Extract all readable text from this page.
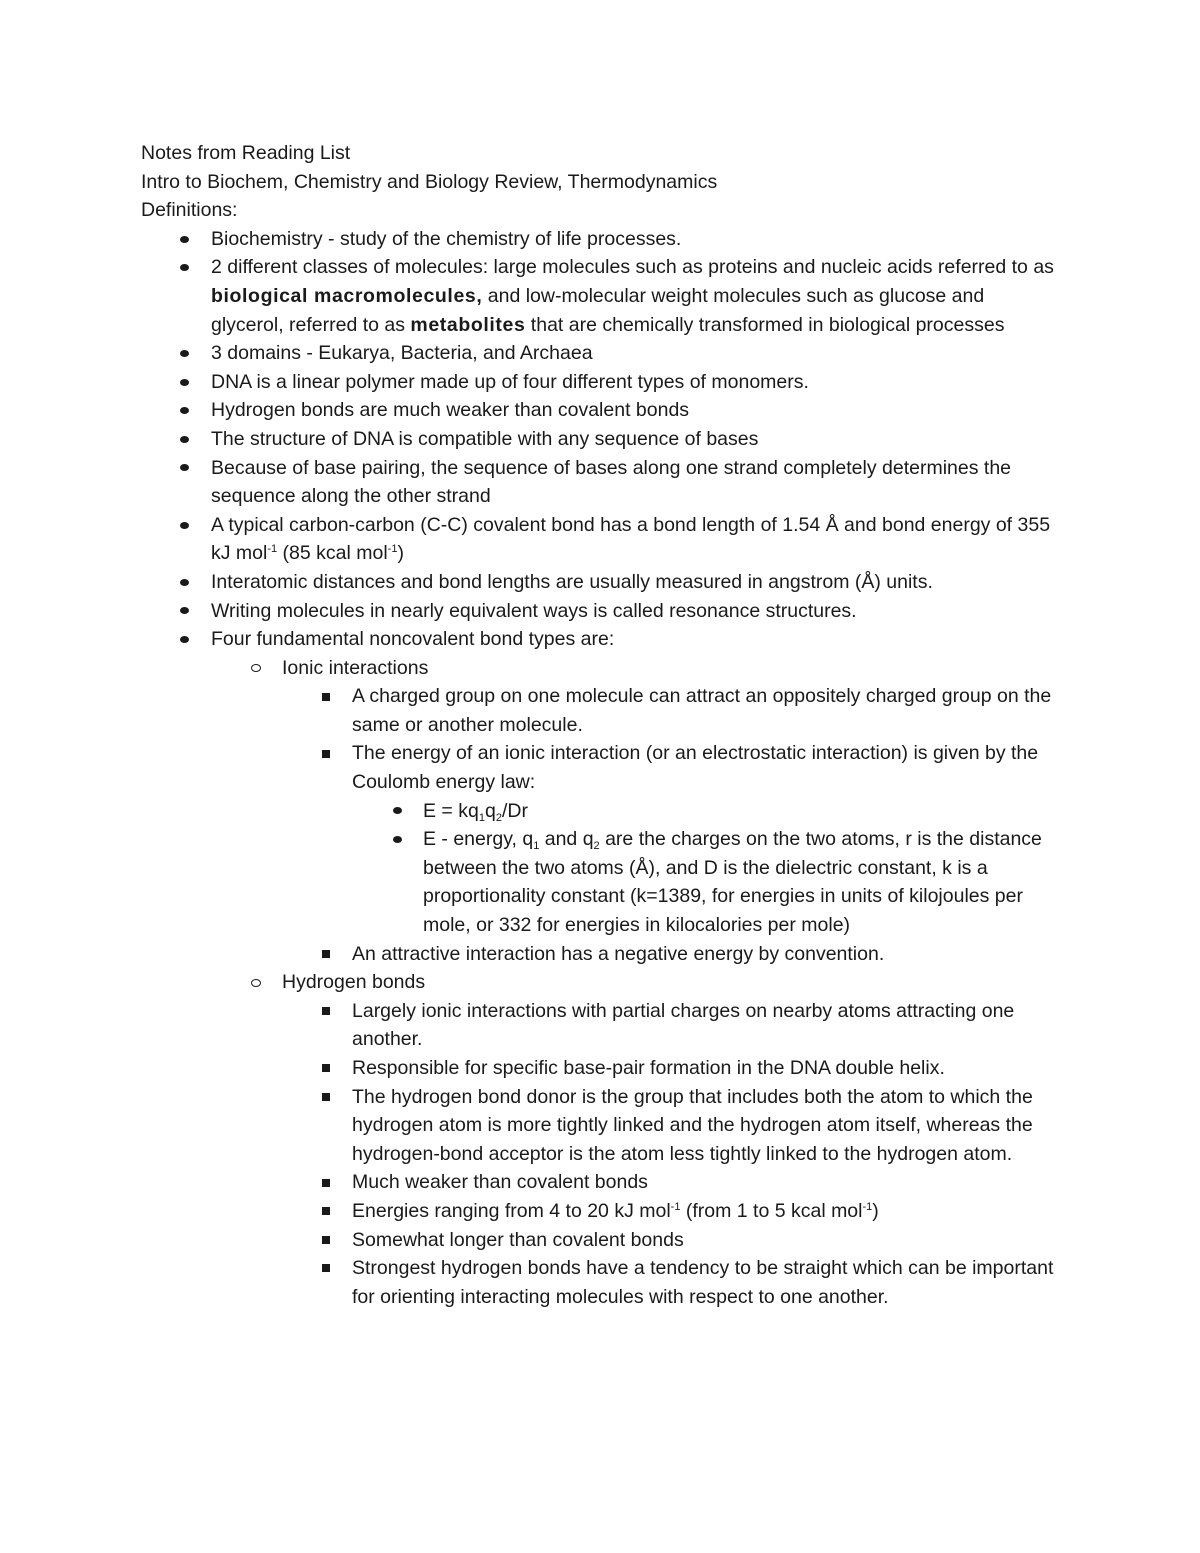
Notes from Reading List

Intro to Biochem, Chemistry and Biology Review, Thermodynamics

Definitions:

Biochemistry - study of the chemistry of life processes.
2 different classes of molecules: large molecules such as proteins and nucleic acids referred to as biological macromolecules, and low-molecular weight molecules such as glucose and glycerol, referred to as metabolites that are chemically transformed in biological processes
3 domains - Eukarya, Bacteria, and Archaea
DNA is a linear polymer made up of four different types of monomers.
Hydrogen bonds are much weaker than covalent bonds
The structure of DNA is compatible with any sequence of bases
Because of base pairing, the sequence of bases along one strand completely determines the sequence along the other strand
A typical carbon-carbon (C-C) covalent bond has a bond length of 1.54 Å and bond energy of 355 kJ mol$^{-1}$ (85 kcal mol$^{-1}$)
Interatomic distances and bond lengths are usually measured in angstrom (Å) units.
Writing molecules in nearly equivalent ways is called resonance structures.
Four fundamental noncovalent bond types are:
Ionic interactions
A charged group on one molecule can attract an oppositely charged group on the same or another molecule.
The energy of an ionic interaction (or an electrostatic interaction) is given by the Coulomb energy law:
$E = kq_1q_2/Dr$
E - energy, $q_1$ and $q_2$ are the charges on the two atoms, r is the distance between the two atoms (Å), and D is the dielectric constant, k is a proportionality constant (k=1389, for energies in units of kilojoules per mole, or 332 for energies in kilocalories per mole)
An attractive interaction has a negative energy by convention.
Hydrogen bonds
Largely ionic interactions with partial charges on nearby atoms attracting one another.
Responsible for specific base-pair formation in the DNA double helix.
The hydrogen bond donor is the group that includes both the atom to which the hydrogen atom is more tightly linked and the hydrogen atom itself, whereas the hydrogen-bond acceptor is the atom less tightly linked to the hydrogen atom.
Much weaker than covalent bonds
Energies ranging from 4 to 20 kJ mol$^{-1}$ (from 1 to 5 kcal mol$^{-1}$)
Somewhat longer than covalent bonds
Strongest hydrogen bonds have a tendency to be straight which can be important for orienting interacting molecules with respect to one another.
